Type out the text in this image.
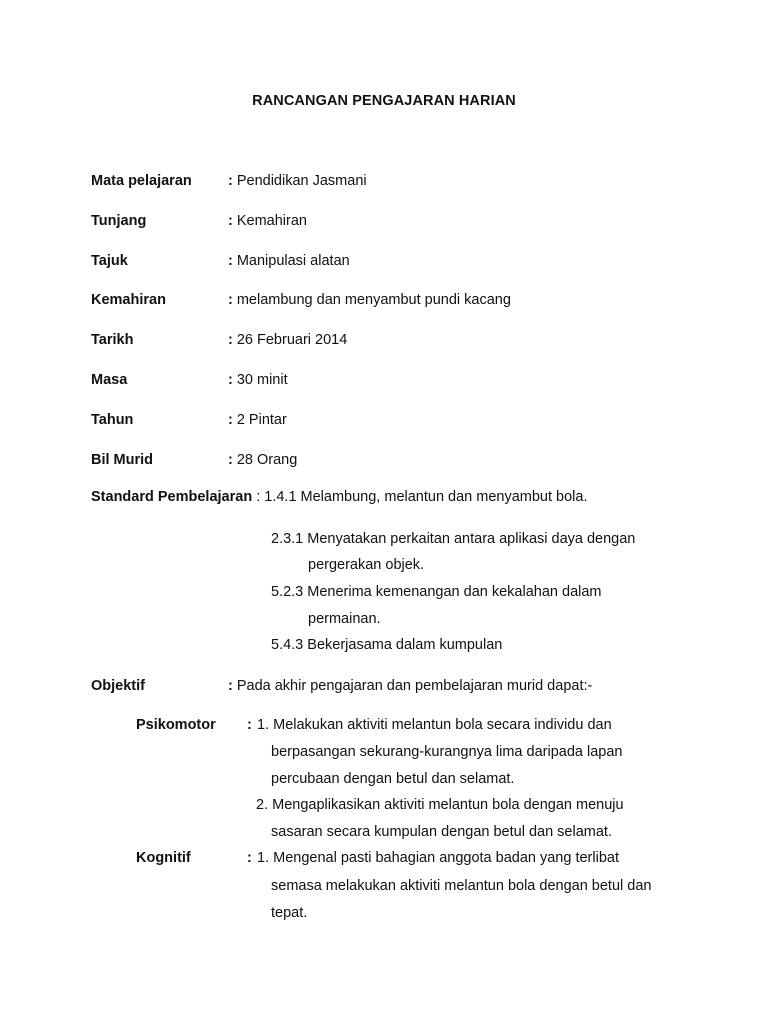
RANCANGAN PENGAJARAN HARIAN
Mata pelajaran	: Pendidikan Jasmani
Tunjang	: Kemahiran
Tajuk	: Manipulasi alatan
Kemahiran	: melambung dan menyambut pundi kacang
Tarikh	: 26 Februari 2014
Masa	: 30 minit
Tahun	: 2 Pintar
Bil Murid	: 28 Orang
Standard Pembelajaran : 1.4.1 Melambung, melantun dan menyambut bola.
2.3.1 Menyatakan perkaitan antara aplikasi daya dengan
pergerakan objek.
5.2.3 Menerima kemenangan dan kekalahan dalam
permainan.
5.4.3 Bekerjasama dalam kumpulan
Objektif	: Pada akhir pengajaran dan pembelajaran murid dapat:-
Psikomotor : 1. Melakukan aktiviti melantun bola secara individu dan
berpasangan sekurang-kurangnya lima daripada lapan
percubaan dengan betul dan selamat.
2. Mengaplikasikan aktiviti melantun bola dengan menuju
sasaran secara kumpulan dengan betul dan selamat.
Kognitif	: 1. Mengenal pasti bahagian anggota badan yang terlibat
semasa melakukan aktiviti melantun bola dengan betul dan
tepat.
